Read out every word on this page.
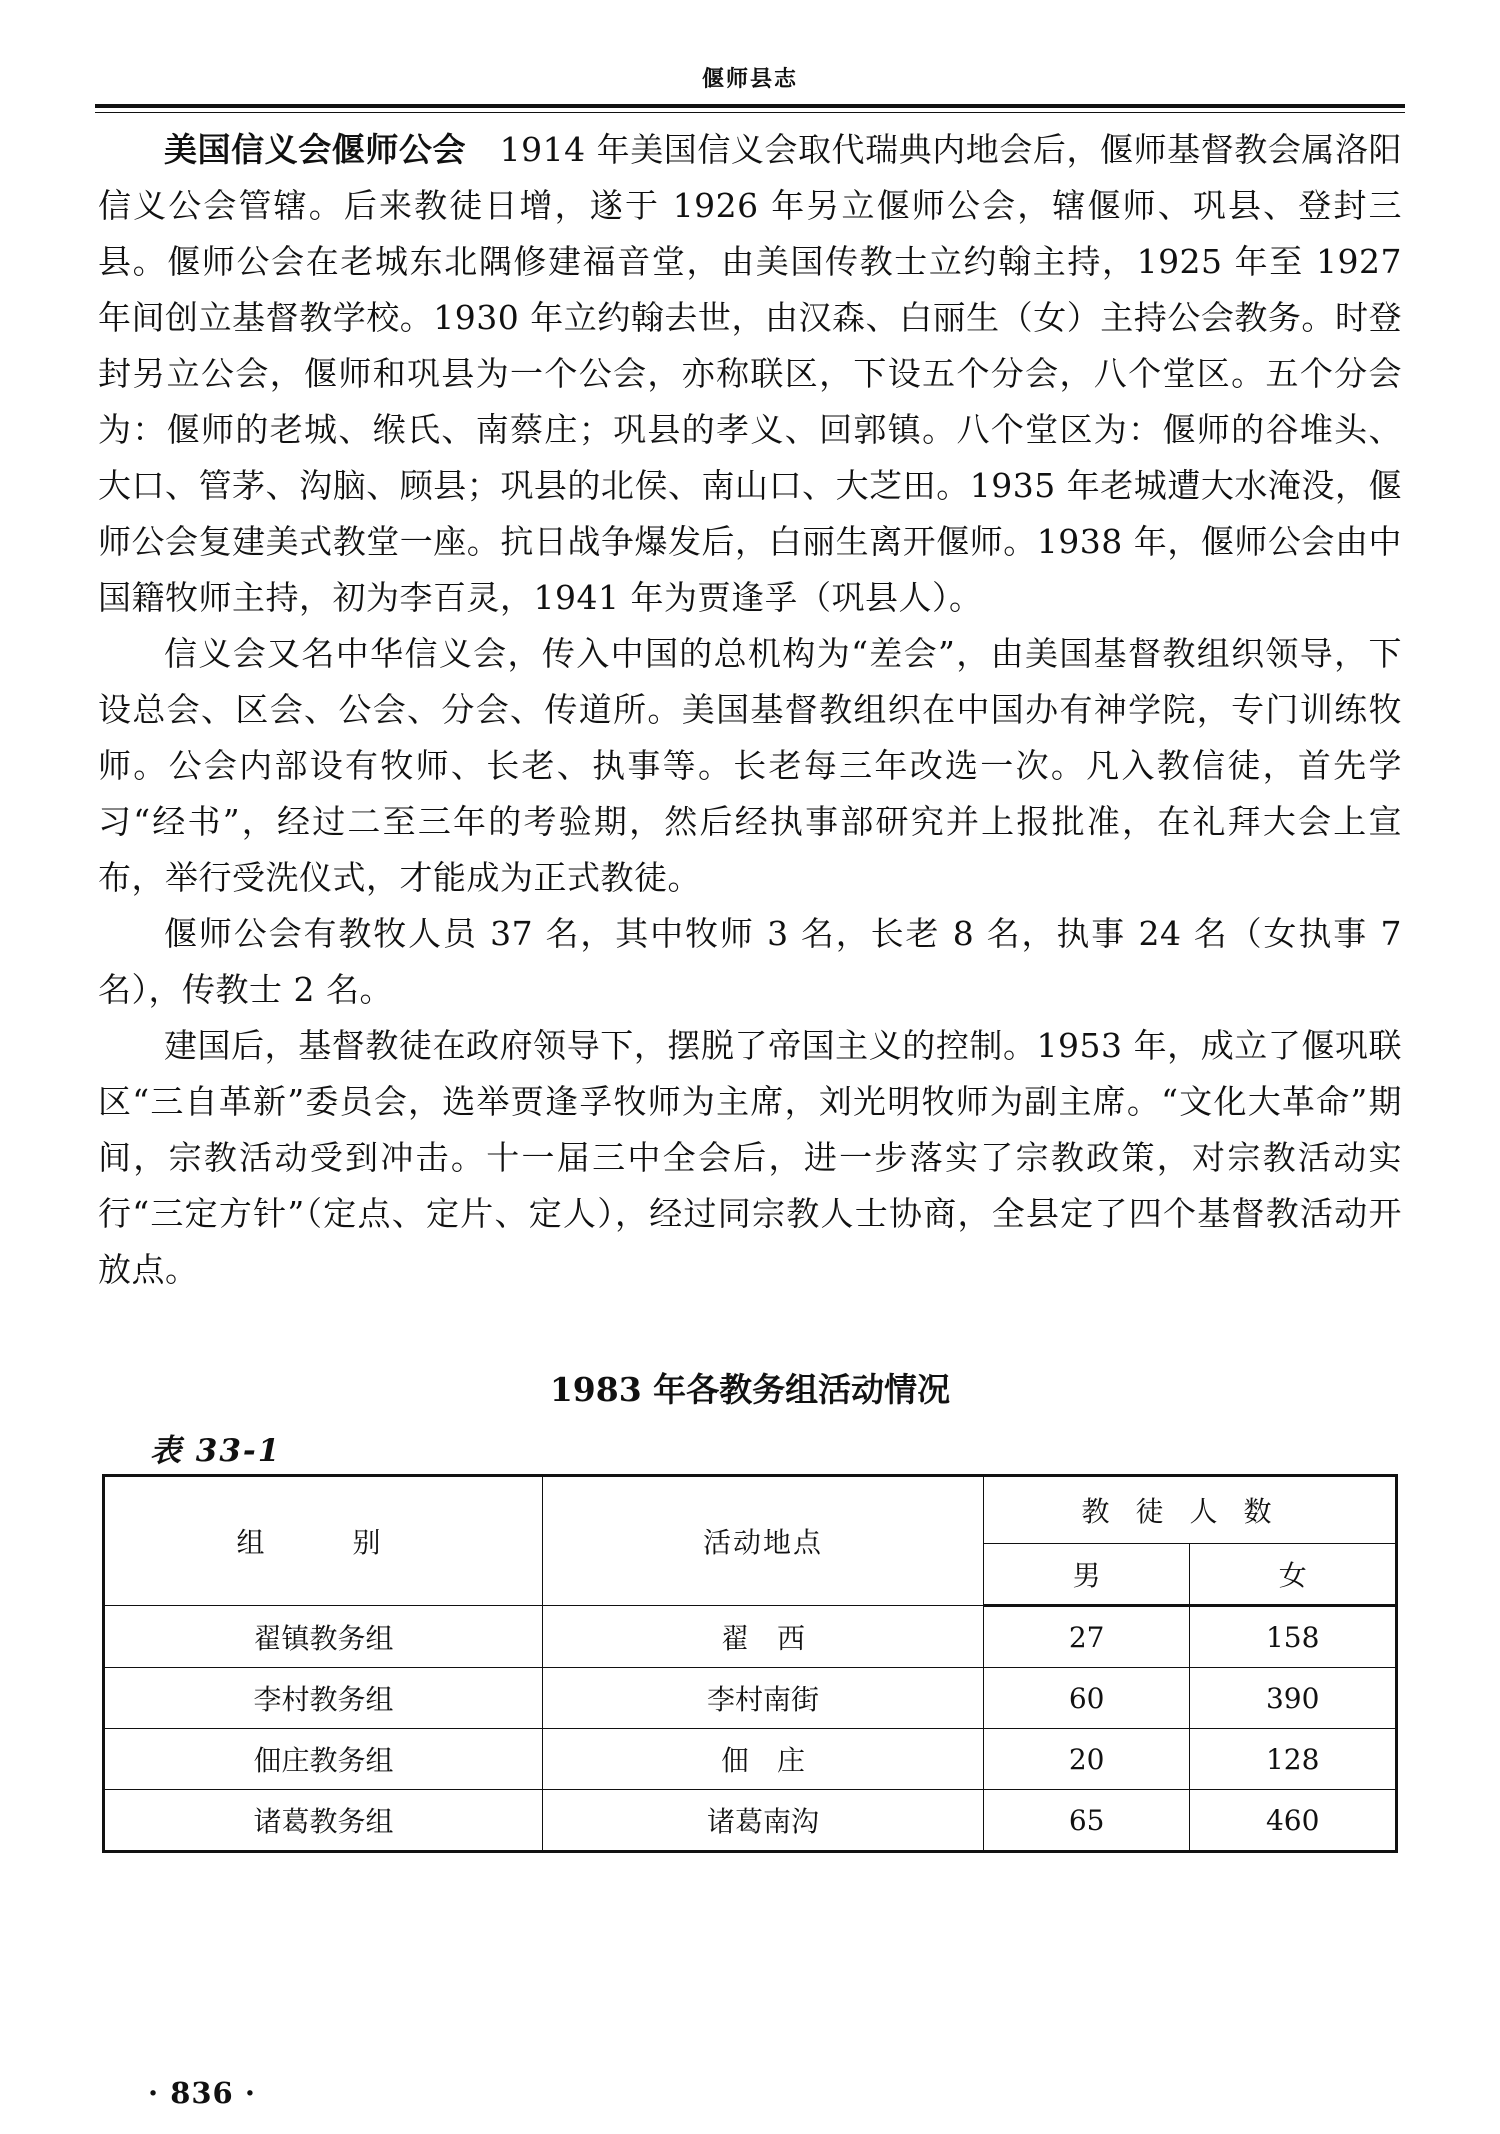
偃师县志

美国信义会偃师公会　1914 年美国信义会取代瑞典内地会后，偃师基督教会属洛阳信义公会管辖。后来教徒日增，遂于 1926 年另立偃师公会，辖偃师、巩县、登封三县。偃师公会在老城东北隅修建福音堂，由美国传教士立约翰主持，1925 年至 1927 年间创立基督教学校。1930 年立约翰去世，由汉森、白丽生（女）主持公会教务。时登封另立公会，偃师和巩县为一个公会，亦称联区，下设五个分会，八个堂区。五个分会为：偃师的老城、缑氏、南蔡庄；巩县的孝义、回郭镇。八个堂区为：偃师的谷堆头、大口、管茅、沟脑、顾县；巩县的北侯、南山口、大芝田。1935 年老城遭大水淹没，偃师公会复建美式教堂一座。抗日战争爆发后，白丽生离开偃师。1938 年，偃师公会由中国籍牧师主持，初为李百灵，1941 年为贾逢孚（巩县人）。

信义会又名中华信义会，传入中国的总机构为“差会”，由美国基督教组织领导，下设总会、区会、公会、分会、传道所。美国基督教组织在中国办有神学院，专门训练牧师。公会内部设有牧师、长老、执事等。长老每三年改选一次。凡入教信徒，首先学习“经书”，经过二至三年的考验期，然后经执事部研究并上报批准，在礼拜大会上宣布，举行受洗仪式，才能成为正式教徒。

偃师公会有教牧人员 37 名，其中牧师 3 名，长老 8 名，执事 24 名（女执事 7 名），传教士 2 名。

建国后，基督教徒在政府领导下，摆脱了帝国主义的控制。1953 年，成立了偃巩联区“三自革新”委员会，选举贾逢孚牧师为主席，刘光明牧师为副主席。“文化大革命”期间，宗教活动受到冲击。十一届三中全会后，进一步落实了宗教政策，对宗教活动实行“三定方针”（定点、定片、定人），经过同宗教人士协商，全县定了四个基督教活动开放点。

1983 年各教务组活动情况
表 33-1
组　别	活动地点	教徒人数	
		男	女
翟镇教务组	翟　西	27	158
李村教务组	李村南街	60	390
佃庄教务组	佃　庄	20	128
诸葛教务组	诸葛南沟	65	460
· 836 ·
